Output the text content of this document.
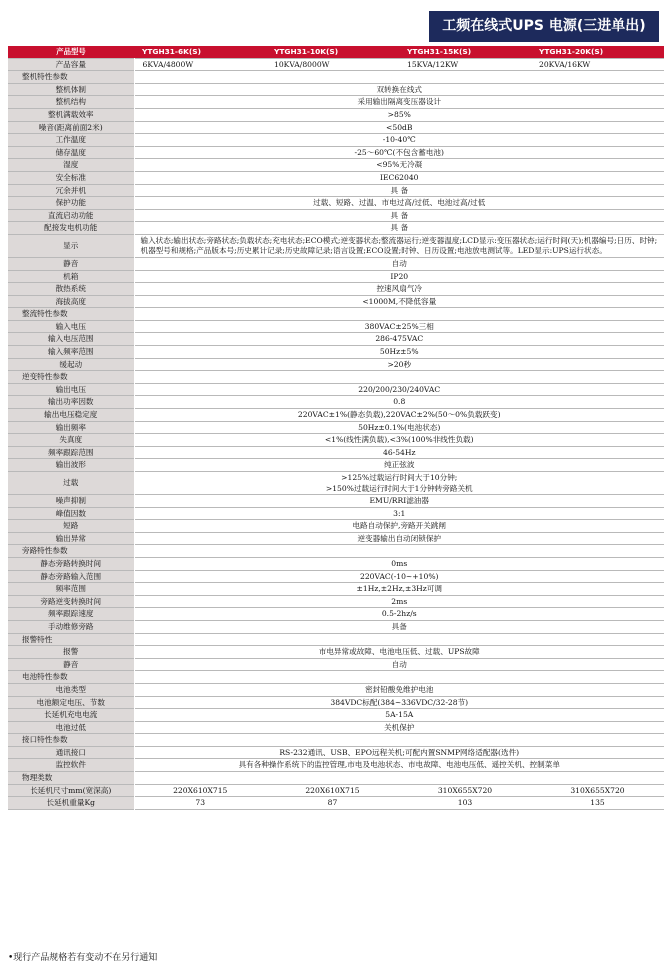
工频在线式UPS 电源(三进单出)
产品型号	YTGH31-6K(S)	YTGH31-10K(S)	YTGH31-15K(S)	YTGH31-20K(S)
产品容量	6KVA/4800W	10KVA/8000W	15KVA/12KW	20KVA/16KW
整机特性参数				
整机体制	双转换在线式			
整机结构	采用输出隔离变压器设计			
整机满载效率	>85%			
噪音(距离前面2米)	<50dB			
工作温度	-10-40℃			
储存温度	-25～60℃(不包含蓄电池)			
湿度	<95%无冷凝			
安全标准	IEC62040			
冗余并机	具 备			
保护功能	过载、短路、过温、市电过高/过低、电池过高/过低			
直流启动功能	具 备			
配接发电机功能	具 备			
显示	输入状态;输出状态;旁路状态;负载状态;充电状态;ECO模式;逆变器状态;整流器运行;逆变器温度;LCD显示:变压器状态;运行时间(天);机器编号;日历、时钟;机器型号和规格;产品版本号;历史累计记录;历史故障记录;语言设置;ECO设置;时钟、日历设置;电池放电测试等。LED显示:UPS运行状态。			
静音	自动			
机箱	IP20			
散热系统	控速风扇气冷			
海拔高度	<1000M,不降低容量			
整流特性参数				
输入电压	380VAC±25%三相			
输入电压范围	286-475VAC			
输入频率范围	50Hz±5%			
缓起动	>20秒			
逆变特性参数				
输出电压	220/200/230/240VAC			
输出功率因数	0.8			
输出电压稳定度	220VAC±1%(静态负载),220VAC±2%(50～0%负载跃变)			
输出频率	50Hz±0.1%(电池状态)			
失真度	<1%(线性满负载),<3%(100%非线性负载)			
频率跟踪范围	46-54Hz			
输出波形	纯正弦波			
过载	>125%过载运行时间大于10分钟;
>150%过载运行时间大于1分钟转旁路关机			
噪声抑制	EMU/RRI滤油器			
峰值因数	3:1			
短路	电路自动保护,旁路开关跳闸			
输出异常	逆变器输出自动闭锁保护			
旁路特性参数				
静态旁路转换时间	0ms			
静态旁路输入范围	220VAC(-10~+10%)			
频率范围	±1Hz,±2Hz,±3Hz可调			
旁路逆变转换时间	2ms			
频率跟踪速度	0.5-2hz/s			
手动维修旁路	具备			
报警特性				
报警	市电异常或故障、电池电压低、过载、UPS故障			
静音	自动			
电池特性参数				
电池类型	密封铅酸免维护电池			
电池额定电压、节数	384VDC标配(384~336VDC/32-28节)			
长延机充电电流	5A-15A			
电池过低	关机保护			
接口特性参数				
通讯接口	RS-232通讯、USB、EPO远程关机;可配内置SNMP网络适配器(选件)			
监控软件	具有各种操作系统下的监控管理,市电及电池状态、市电故障、电池电压低、遥控关机、控制菜单			
物理类数				
长延机尺寸mm(宽深高)	220X610X715	220X610X715	310X655X720	310X655X720
长延机重量Kg	73	87	103	135
•现行产品规格若有变动不在另行通知
